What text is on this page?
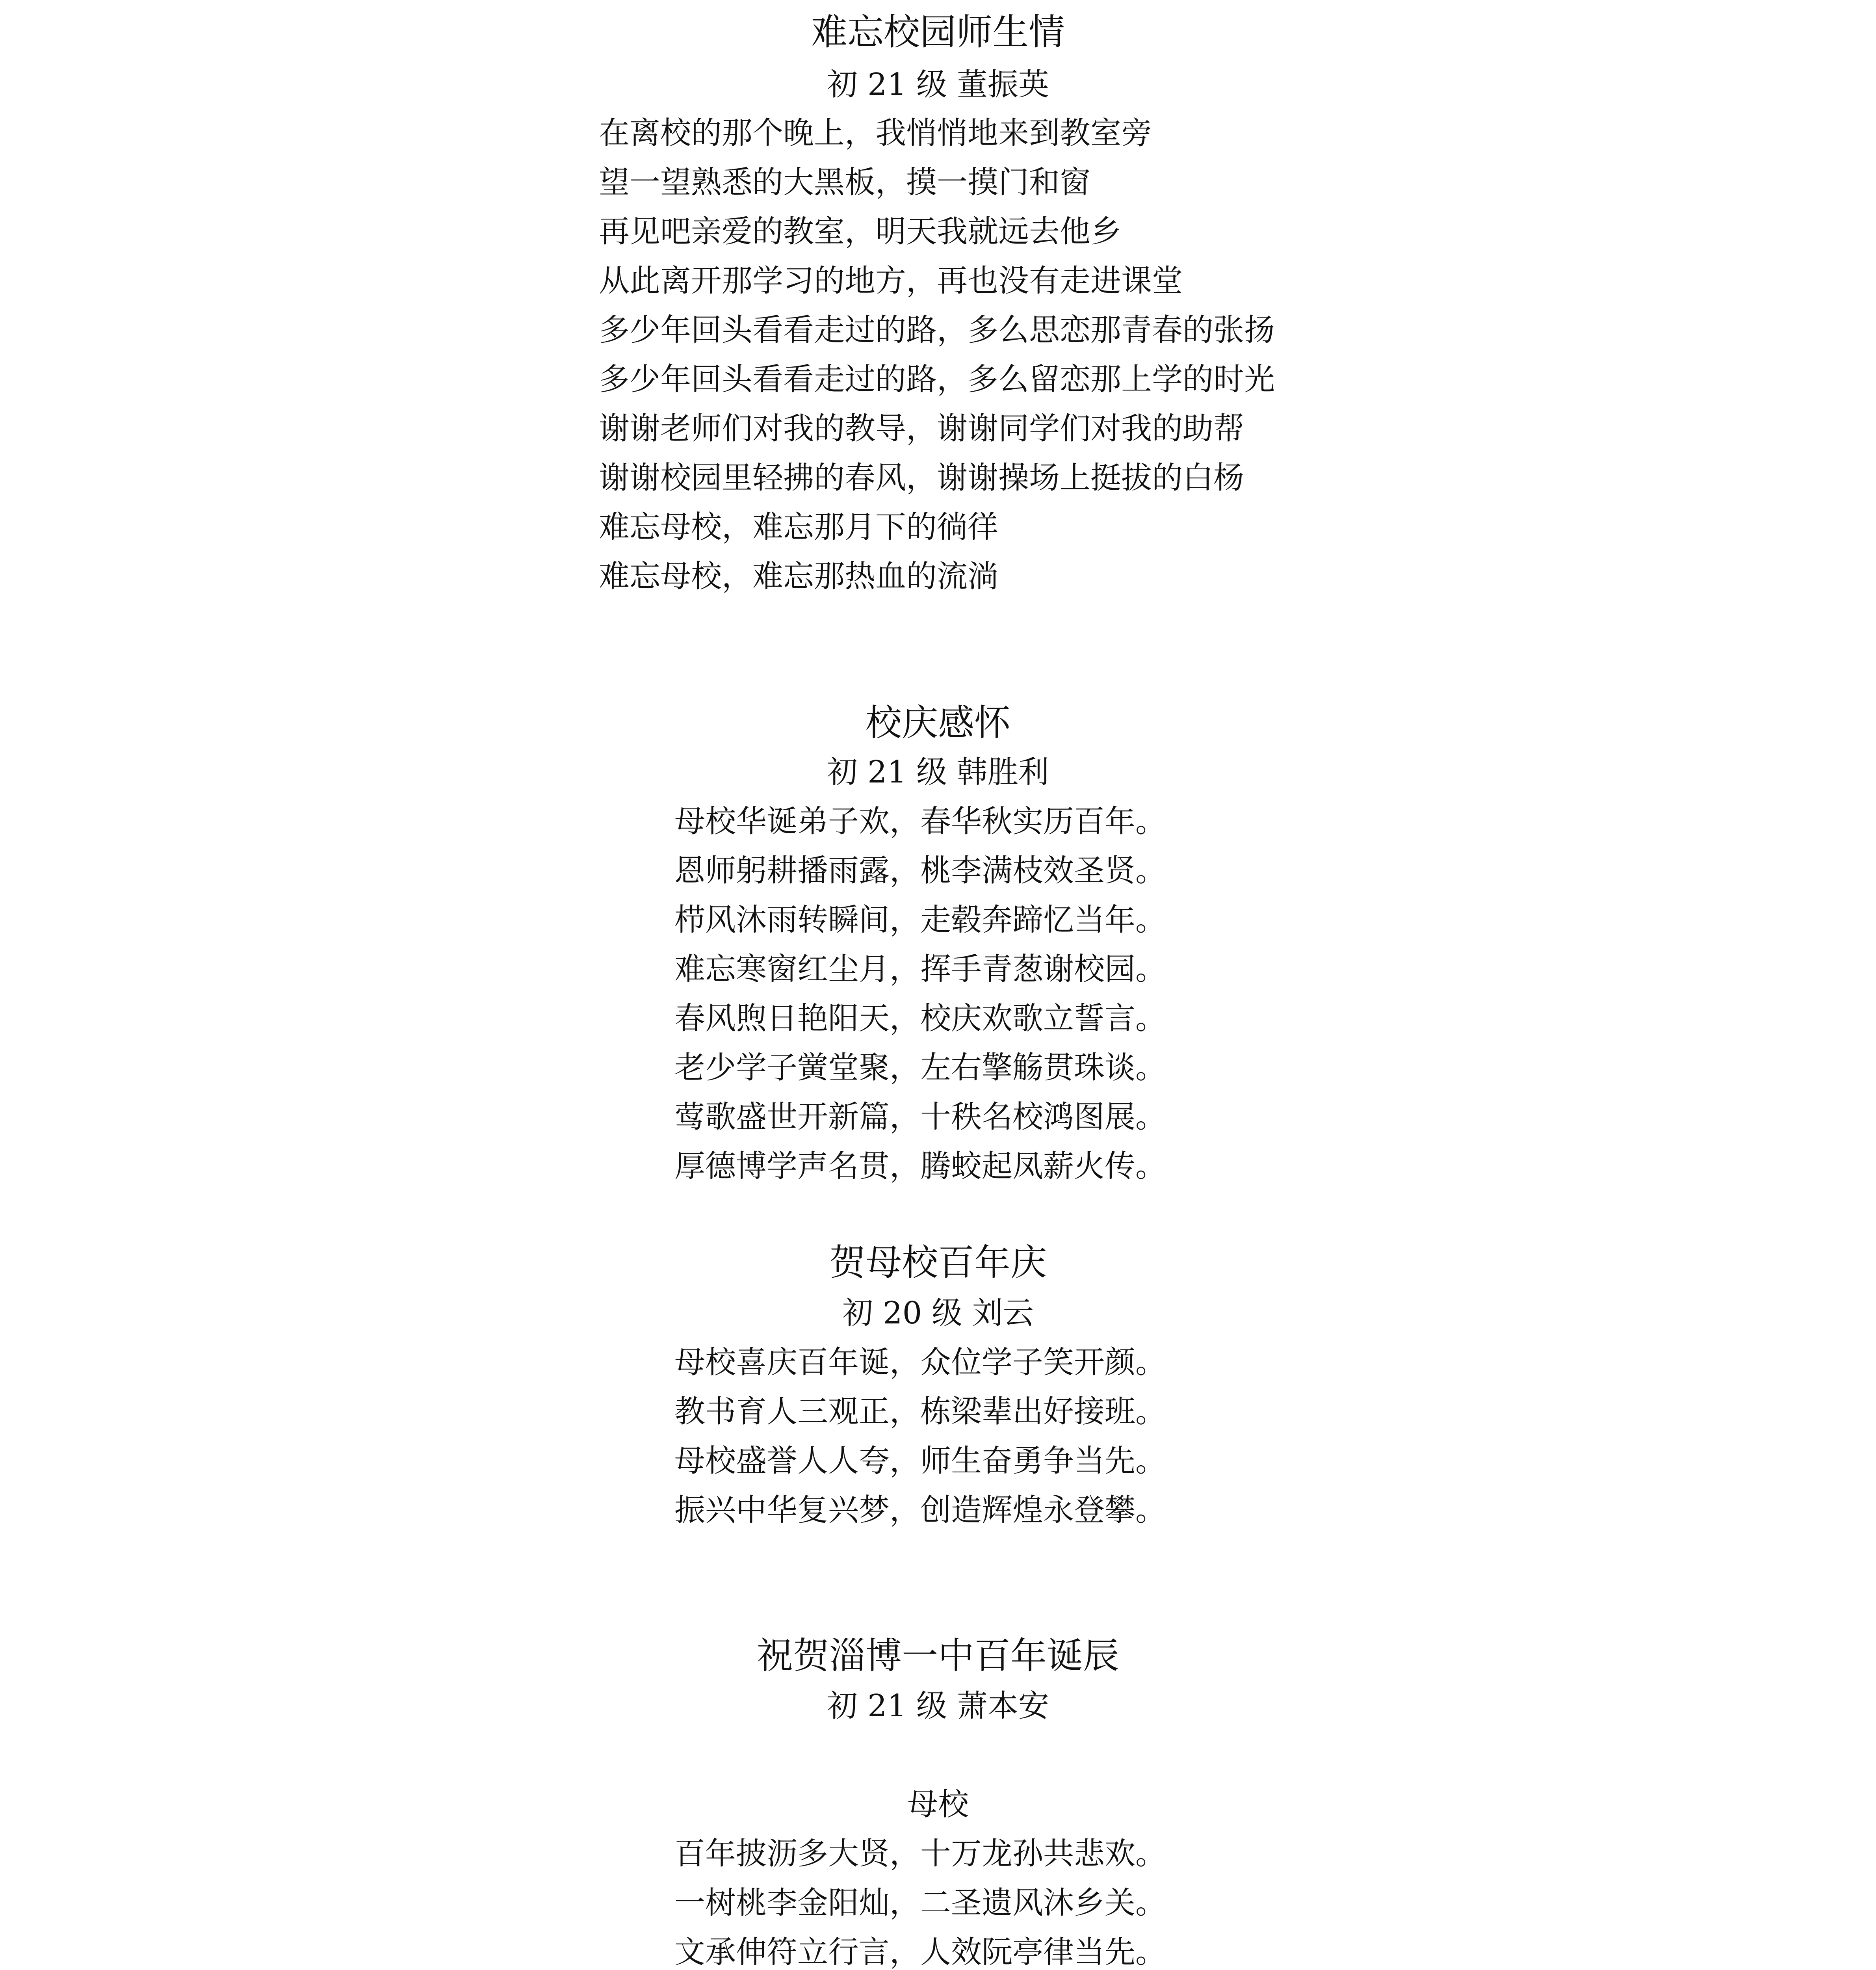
难忘校园师生情
初 21 级 董振英
在离校的那个晚上，我悄悄地来到教室旁
望一望熟悉的大黑板，摸一摸门和窗
再见吧亲爱的教室，明天我就远去他乡
从此离开那学习的地方，再也没有走进课堂
多少年回头看看走过的路，多么思恋那青春的张扬
多少年回头看看走过的路，多么留恋那上学的时光
谢谢老师们对我的教导，谢谢同学们对我的助帮
谢谢校园里轻拂的春风，谢谢操场上挺拔的白杨
难忘母校，难忘那月下的徜徉
难忘母校，难忘那热血的流淌
校庆感怀
初 21 级 韩胜利
母校华诞弟子欢，春华秋实历百年。
恩师躬耕播雨露，桃李满枝效圣贤。
栉风沐雨转瞬间，走毂奔蹄忆当年。
难忘寒窗红尘月，挥手青葱谢校园。
春风煦日艳阳天，校庆欢歌立誓言。
老少学子黉堂聚，左右擎觞贯珠谈。
莺歌盛世开新篇，十秩名校鸿图展。
厚德博学声名贯，腾蛟起凤薪火传。
贺母校百年庆
初 20 级 刘云
母校喜庆百年诞，众位学子笑开颜。
教书育人三观正，栋梁辈出好接班。
母校盛誉人人夸，师生奋勇争当先。
振兴中华复兴梦，创造辉煌永登攀。
祝贺淄博一中百年诞辰
初 21 级 萧本安
母校
百年披沥多大贤，十万龙孙共悲欢。
一树桃李金阳灿，二圣遗风沐乡关。
文承伸符立行言，人效阮亭律当先。
